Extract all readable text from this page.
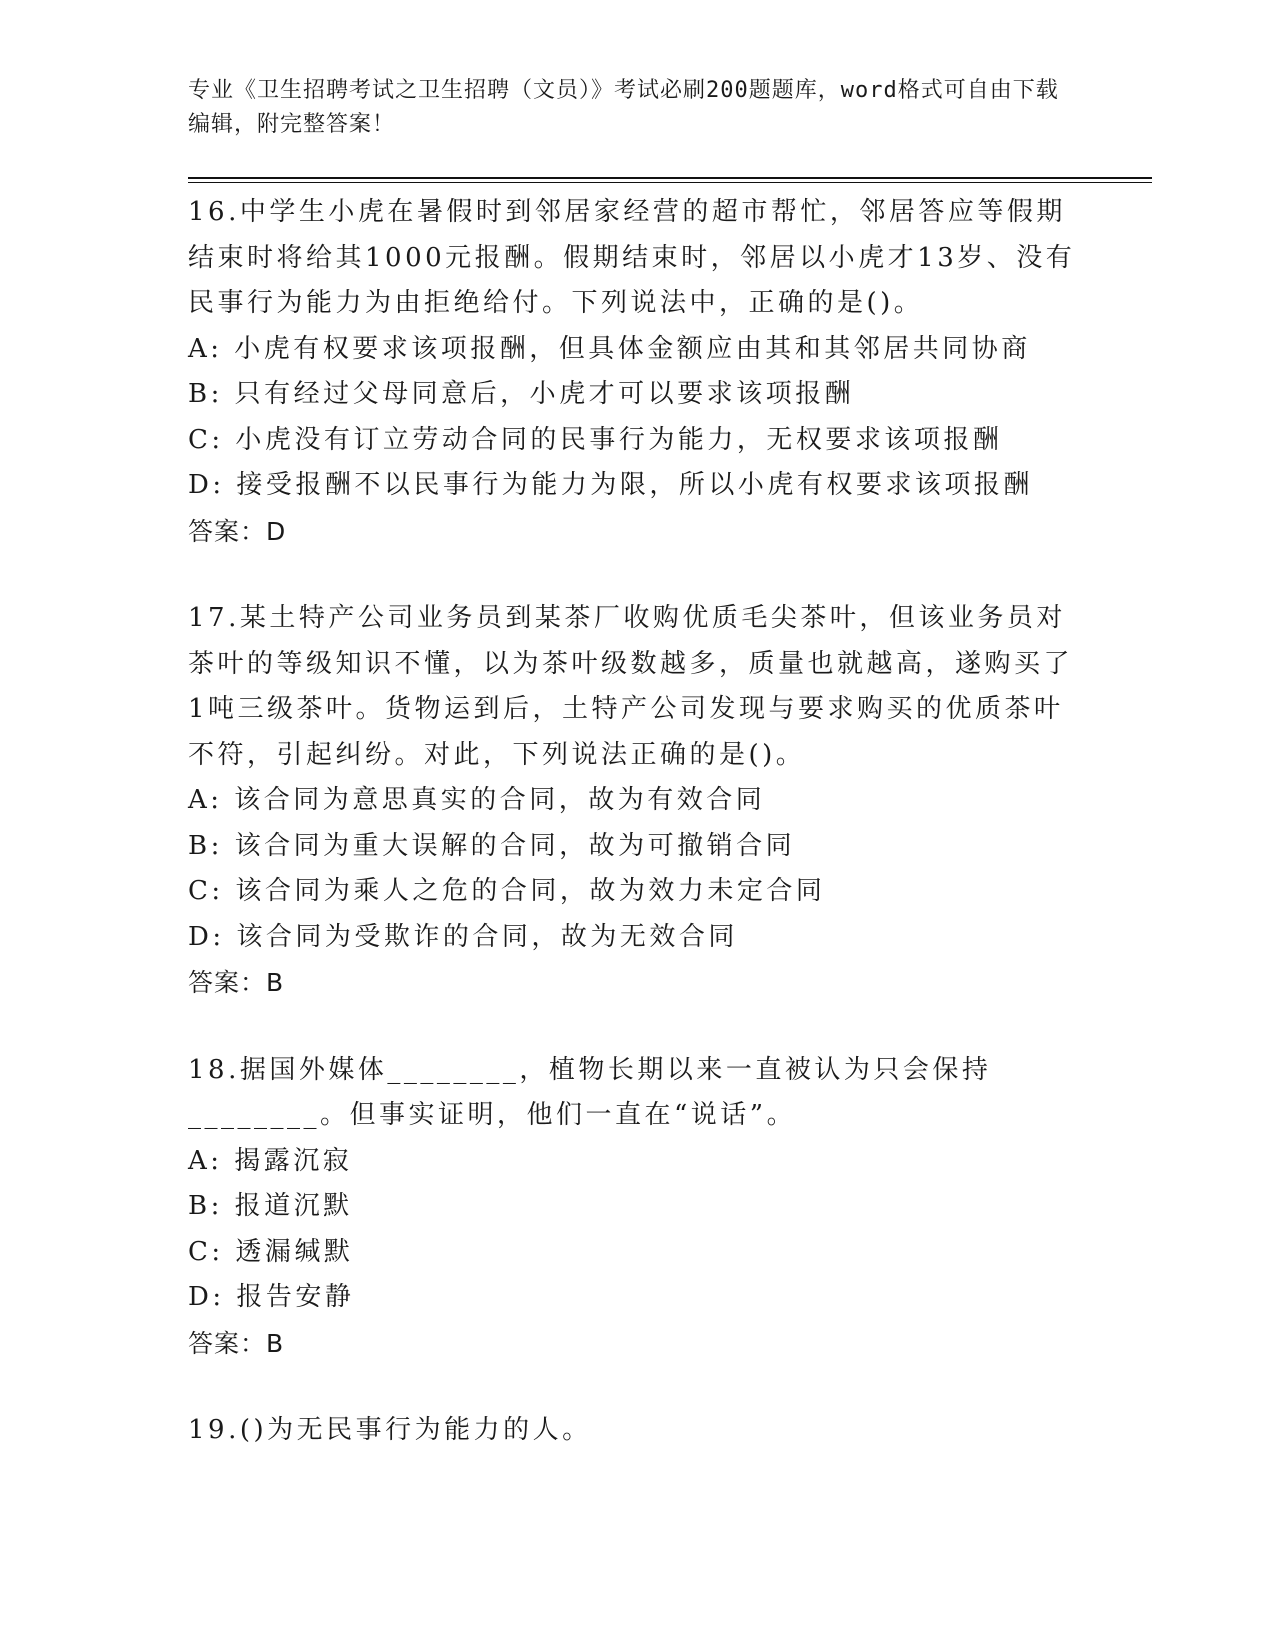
专业《卫生招聘考试之卫生招聘（文员）》考试必刷200题题库，word格式可自由下载编辑，附完整答案！
16.中学生小虎在暑假时到邻居家经营的超市帮忙，邻居答应等假期结束时将给其1000元报酬。假期结束时，邻居以小虎才13岁、没有民事行为能力为由拒绝给付。下列说法中，正确的是()。
A: 小虎有权要求该项报酬，但具体金额应由其和其邻居共同协商
B: 只有经过父母同意后，小虎才可以要求该项报酬
C: 小虎没有订立劳动合同的民事行为能力，无权要求该项报酬
D: 接受报酬不以民事行为能力为限，所以小虎有权要求该项报酬
答案：D
17.某土特产公司业务员到某茶厂收购优质毛尖茶叶，但该业务员对茶叶的等级知识不懂，以为茶叶级数越多，质量也就越高，遂购买了1吨三级茶叶。货物运到后，土特产公司发现与要求购买的优质茶叶不符，引起纠纷。对此，下列说法正确的是()。
A: 该合同为意思真实的合同，故为有效合同
B: 该合同为重大误解的合同，故为可撤销合同
C: 该合同为乘人之危的合同，故为效力未定合同
D: 该合同为受欺诈的合同，故为无效合同
答案：B
18.据国外媒体________，植物长期以来一直被认为只会保持________。但事实证明，他们一直在“说话”。
A: 揭露沉寂
B: 报道沉默
C: 透漏缄默
D: 报告安静
答案：B
19.()为无民事行为能力的人。
